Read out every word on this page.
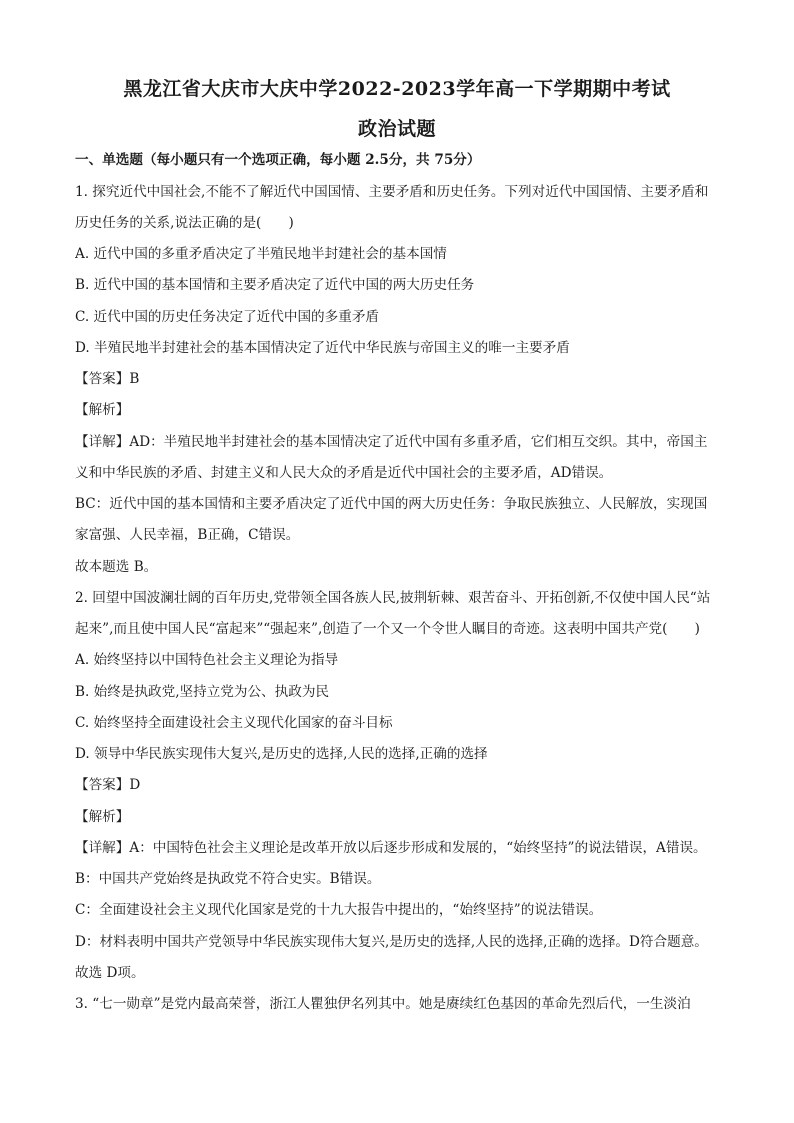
黑龙江省大庆市大庆中学2022-2023学年高一下学期期中考试
政治试题
一、单选题（每小题只有一个选项正确，每小题 2.5分，共 75分）
1. 探究近代中国社会,不能不了解近代中国国情、主要矛盾和历史任务。下列对近代中国国情、主要矛盾和
历史任务的关系,说法正确的是(　　)
A. 近代中国的多重矛盾决定了半殖民地半封建社会的基本国情
B. 近代中国的基本国情和主要矛盾决定了近代中国的两大历史任务
C. 近代中国的历史任务决定了近代中国的多重矛盾
D. 半殖民地半封建社会的基本国情决定了近代中华民族与帝国主义的唯一主要矛盾
【答案】B
【解析】
【详解】AD：半殖民地半封建社会的基本国情决定了近代中国有多重矛盾，它们相互交织。其中，帝国主
义和中华民族的矛盾、封建主义和人民大众的矛盾是近代中国社会的主要矛盾，AD错误。
BC：近代中国的基本国情和主要矛盾决定了近代中国的两大历史任务：争取民族独立、人民解放，实现国
家富强、人民幸福，B正确，C错误。
故本题选 B。
2. 回望中国波澜壮阔的百年历史,党带领全国各族人民,披荆斩棘、艰苦奋斗、开拓创新,不仅使中国人民“站
起来”,而且使中国人民“富起来”“强起来”,创造了一个又一个令世人瞩目的奇迹。这表明中国共产党(　　)
A. 始终坚持以中国特色社会主义理论为指导
B. 始终是执政党,坚持立党为公、执政为民
C. 始终坚持全面建设社会主义现代化国家的奋斗目标
D. 领导中华民族实现伟大复兴,是历史的选择,人民的选择,正确的选择
【答案】D
【解析】
【详解】A：中国特色社会主义理论是改革开放以后逐步形成和发展的，“始终坚持”的说法错误，A错误。
B：中国共产党始终是执政党不符合史实。B错误。
C：全面建设社会主义现代化国家是党的十九大报告中提出的，“始终坚持”的说法错误。
D：材料表明中国共产党领导中华民族实现伟大复兴,是历史的选择,人民的选择,正确的选择。D符合题意。
故选 D项。
3. “七一勋章”是党内最高荣誉，浙江人瞿独伊名列其中。她是赓续红色基因的革命先烈后代，一生淡泊
